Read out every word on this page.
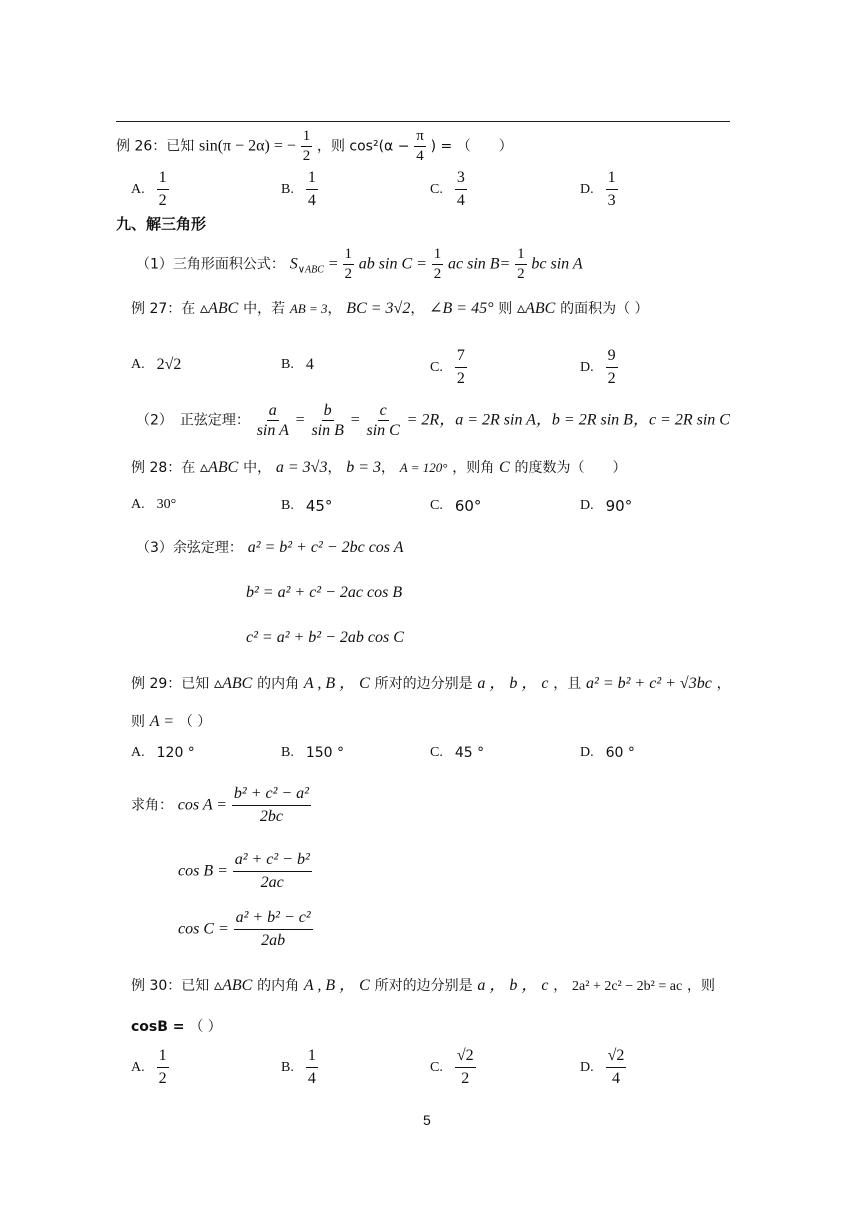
例 26：已知 sin(π − 2α) = − $\frac{1}{2}$ ，则 $\cos^2(\alpha - \frac{\pi}{4}$ ) = （　　）
A. $\frac{1}{2}$	B. $\frac{1}{4}$	C. $\frac{3}{4}$	D. $\frac{1}{3}$
九、解三角形
（1）三角形面积公式： $S_{\vee ABC} = \frac{1}{2}$ ab $\sin C = \frac{1}{2}$ ac $\sin B= \frac{1}{2}$ bc sin A
例 27：在 ▵ABC 中，若 AB = 3， BC = 3√2， ∠B = 45° 则 ▵ABC 的面积为（ ）
A. 2√2	B. 4	C. $\frac{7}{2}$	D. $\frac{9}{2}$
（2）　正弦定理： $\frac{a}{\text{sin A}} = \frac{b}{\text{sin B}} = \frac{c}{\text{sin C}} = 2R$，a = 2R sin A，b = 2R sin B，c = 2R sin C
例 28：在 ▵ABC 中， a = 3√3， b = 3， A = 120° ，则角 C 的度数为（　　）
A. 30°	B. 45°	C. 60°	D. 90°
（3）余弦定理： a² = b² + c² − 2bc cos A
b² = a² + c² − 2ac cos B
c² = a² + b² − 2ab cos C
例 29：已知 ▵ABC 的内角 A , B ， C 所对的边分别是 a ， b ， c ，且 a² = b² + c² + √3bc ，
则 A = （ ）
A. 120 °	B. 150 °	C. 45 °	D. 60 °
求角： $\cos A = \frac{\text{b² + c² − a²}}{2bc}$
$\cos B = \frac{\text{a² + c² − b²}}{2ac}$
$\cos C = \frac{\text{a² + b² − c²}}{2ab}$
例 30：已知 ▵ABC 的内角 A , B ， C 所对的边分别是 a ， b ， c ， 2a² + 2c² − 2b² = ac ，则
cosB = （ ）
A. $\frac{1}{2}$	B. $\frac{1}{4}$	C. $\frac{√2}{2}$	D. $\frac{√2}{4}$
5
